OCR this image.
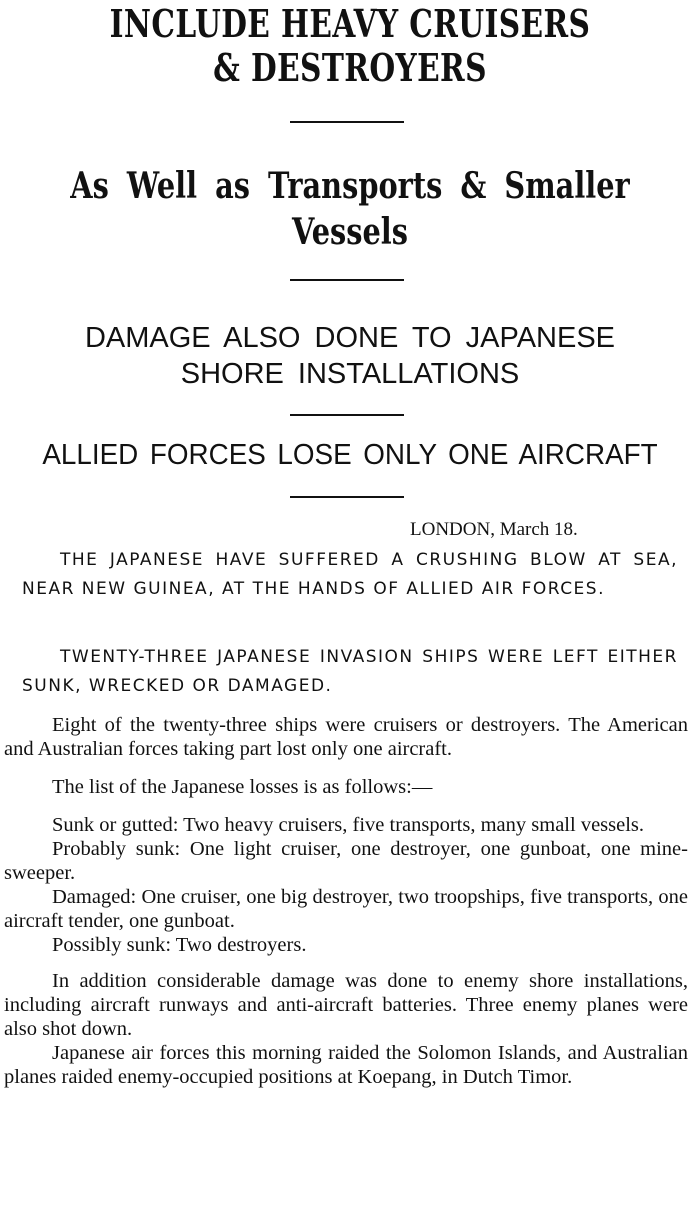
INCLUDE HEAVY CRUISERS
& DESTROYERS
As Well as Transports & Smaller
Vessels
DAMAGE ALSO DONE TO JAPANESE
SHORE INSTALLATIONS
ALLIED FORCES LOSE ONLY ONE AIRCRAFT
LONDON, March 18.

THE JAPANESE HAVE SUFFERED A CRUSHING BLOW AT SEA, NEAR NEW GUINEA, AT THE HANDS OF ALLIED AIR FORCES.

TWENTY-THREE JAPANESE INVASION SHIPS WERE LEFT EITHER SUNK, WRECKED OR DAMAGED.

Eight of the twenty-three ships were cruisers or destroyers. The American and Australian forces taking part lost only one aircraft.

The list of the Japanese losses is as follows:—

Sunk or gutted: Two heavy cruisers, five transports, many small vessels.

Probably sunk: One light cruiser, one destroyer, one gunboat, one mine-sweeper.

Damaged: One cruiser, one big destroyer, two troopships, five transports, one aircraft tender, one gunboat.

Possibly sunk: Two destroyers.

In addition considerable damage was done to enemy shore installations, including aircraft runways and anti-aircraft batteries. Three enemy planes were also shot down.

Japanese air forces this morning raided the Solomon Islands, and Australian planes raided enemy-occupied positions at Koepang, in Dutch Timor.
